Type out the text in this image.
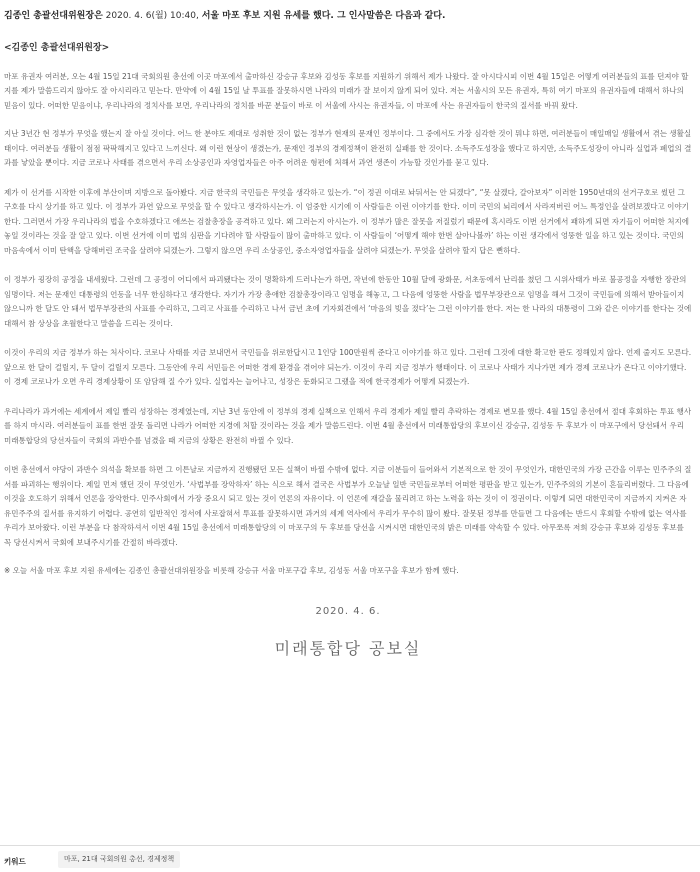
김종인 총괄선대위원장은 2020. 4. 6(월) 10:40, 서울 마포 후보 지원 유세를 했다. 그 인사말씀은 다음과 같다.
<김종인 총괄선대위원장>

마포 유권자 여러분, 오는 4월 15일 21대 국회의원 총선에 이곳 마포에서 출마하신 강승규 후보와 김성동 후보를 지원하기 위해서 제가 나왔다. 잘 아시다시피 이번 4월 15일은 어떻게 여러분들의 표를 던져야 할지를 제가 말씀드리지 않아도 잘 아시리라고 믿는다. 만약에 이 4월 15일 날 투표를 잘못하시면 나라의 미래가 잘 보이지 않게 되어 있다. 저는 서울시의 모든 유권자, 특히 여기 마포의 유권자들에 대해서 하나의 믿음이 있다. 어떠한 믿음이냐, 우리나라의 정치사를 보면, 우리나라의 정치를 바꾼 분들이 바로 이 서울에 사시는 유권자들, 이 마포에 사는 유권자들이 한국의 질서를 바꿔 왔다.

지난 3년간 현 정부가 무엇을 했는지 잘 아실 것이다. 어느 한 분야도 제대로 성취한 것이 없는 정부가 현재의 문재인 정부이다. 그 중에서도 가장 심각한 것이 뭐냐 하면, 여러분들이 매일매일 생활에서 겪는 생활실태이다. 여러분들 생활이 점점 팍팍해지고 있다고 느끼신다. 왜 이런 현상이 생겼는가, 문재인 정부의 경제정책이 완전히 실패를 한 것이다. 소득주도성장을 했다고 하지만, 소득주도성장이 아니라 실업과 폐업의 결과를 낳았을 뿐이다. 지금 코로나 사태를 겪으면서 우리 소상공인과 자영업자들은 아주 어려운 형편에 처해서 과연 생존이 가능할 것인가를 묻고 있다.

제가 이 선거를 시작한 이후에 부산이며 지방으로 돌아봤다. 지금 한국의 국민들은 무엇을 생각하고 있는가. “이 정권 이대로 놔둬서는 안 되겠다”, “못 살겠다, 갈아보자” 이러한 1950년대의 선거구호로 썼던 그 구호를 다시 상기를 하고 있다. 이 정부가 과연 앞으로 무엇을 할 수 있다고 생각하시는가. 이 엄중한 시기에 이 사람들은 이런 이야기를 한다. 이미 국민의 뇌리에서 사라져버린 어느 특정인을 살려보겠다고 이야기한다. 그러면서 가장 우리나라의 법을 수호하겠다고 애쓰는 검찰총장을 공격하고 있다. 왜 그러는지 아시는가. 이 정부가 많은 잘못을 저질렀기 때문에 혹시라도 이번 선거에서 패하게 되면 자기들이 어떠한 처지에 놓일 것이라는 것을 잘 알고 있다. 이번 선거에 이미 법의 심판을 기다려야 할 사람들이 많이 출마하고 있다. 이 사람들이 ‘어떻게 해야 한번 살아나볼까’ 하는 이런 생각에서 엉뚱한 일을 하고 있는 것이다. 국민의 마음속에서 이미 탄핵을 당해버린 조국을 살려야 되겠는가. 그렇지 않으면 우리 소상공인, 중소자영업자들을 살려야 되겠는가. 무엇을 살려야 할지 답은 뻔하다.

이 정부가 굉장히 공정을 내세웠다. 그런데 그 공정이 어디에서 파괴됐다는 것이 명확하게 드러나는가 하면, 작년에 한동안 10월 달에 광화문, 서초동에서 난리를 쳤던 그 시위사태가 바로 불공정을 자행한 장관의 임명이다. 저는 문재인 대통령의 언동을 너무 한심하다고 생각한다. 자기가 가장 총애한 검찰총장이라고 임명을 해놓고, 그 다음에 엉뚱한 사람을 법무부장관으로 임명을 해서 그것이 국민들에 의해서 받아들이지 않으니까 한 달도 안 돼서 법무부장관의 사표를 수리하고, 그리고 사표를 수리하고 나서 금년 초에 기자회견에서 ‘마음의 빚을 졌다’는 그런 이야기를 한다. 저는 한 나라의 대통령이 그와 같은 이야기를 한다는 것에 대해서 참 상상을 초월한다고 말씀을 드리는 것이다.

이것이 우리의 지금 정부가 하는 처사이다. 코로나 사태를 지금 보내면서 국민들을 위로한답시고 1인당 100만원씩 준다고 이야기를 하고 있다. 그런데 그것에 대한 확고한 판도 정해있지 않다. 언제 줄지도 모른다. 앞으로 한 달이 걸릴지, 두 달이 걸릴지 모른다. 그동안에 우리 서민들은 어떠한 경제 환경을 겪어야 되는가. 이것이 우리 지금 정부가 행태이다. 이 코로나 사태가 지나가면 제가 경제 코로나가 온다고 이야기했다. 이 경제 코로나가 오면 우리 경제상황이 또 암담해 질 수가 있다. 실업자는 늘어나고, 성장은 둔화되고 그랬을 적에 한국경제가 어떻게 되겠는가.

우리나라가 과거에는 세계에서 제일 빨리 성장하는 경제였는데, 지난 3년 동안에 이 정부의 경제 실책으로 인해서 우리 경제가 제일 빨리 추락하는 경제로 변모를 했다. 4월 15일 총선에서 절대 후회하는 투표 행사를 하지 마시라. 여러분들이 표를 한번 잘못 돌리면 나라가 어떠한 지경에 처할 것이라는 것을 제가 말씀드린다. 이번 4월 총선에서 미래통합당의 후보이신 강승규, 김성동 두 후보가 이 마포구에서 당선돼서 우리 미래통합당의 당선자들이 국회의 과반수를 넘겼을 때 지금의 상황은 완전히 바뀔 수 있다.

이번 총선에서 야당이 과반수 의석을 확보를 하면 그 이튼날로 지금까지 진행됐던 모든 실책이 바뀔 수밖에 없다. 지금 이분들이 들어와서 기본적으로 한 것이 무엇인가, 대한민국의 가장 근간을 이루는 민주주의 질서를 파괴하는 행위이다. 제일 먼저 했던 것이 무엇인가. ‘사법부를 장악하자’ 하는 식으로 해서 결국은 사법부가 오늘날 일반 국민들로부터 어떠한 평판을 받고 있는가, 민주주의의 기본이 흔들리버렸다. 그 다음에 이것을 호도하기 위해서 언론을 장악한다. 민주사회에서 가장 중요시 되고 있는 것이 언론의 자유이다. 이 언론에 재갈을 물리려고 하는 노력을 하는 것이 이 정권이다. 이렇게 되면 대한민국이 지금까지 지켜온 자유민주주의 질서를 유지하기 어렵다. 공연히 일반적인 정서에 사로잡혀서 투표를 잘못하시면 과거의 세계 역사에서 우리가 무수히 많이 봤다. 잘못된 정부를 만들면 그 다음에는 반드시 후회할 수밖에 없는 역사를 우리가 보아왔다. 이런 부분을 다 참작하셔서 이번 4월 15일 총선에서 미래통합당의 이 마포구의 두 후보를 당선을 시켜시면 대한민국의 밝은 미래를 약속할 수 있다. 아무쪼록 저희 강승규 후보와 김성동 후보를 꼭 당선시켜서 국회에 보내주시기를 간절히 바라겠다.

※ 오늘 서울 마포 후보 지원 유세에는 김종인 총괄선대위원장을 비롯해 강승규 서울 마포구갑 후보, 김성동 서울 마포구을 후보가 함께 했다.

2020. 4. 6.
미래통합당 공보실
키워드	마포, 21대 국회의원 총선, 경제정책
